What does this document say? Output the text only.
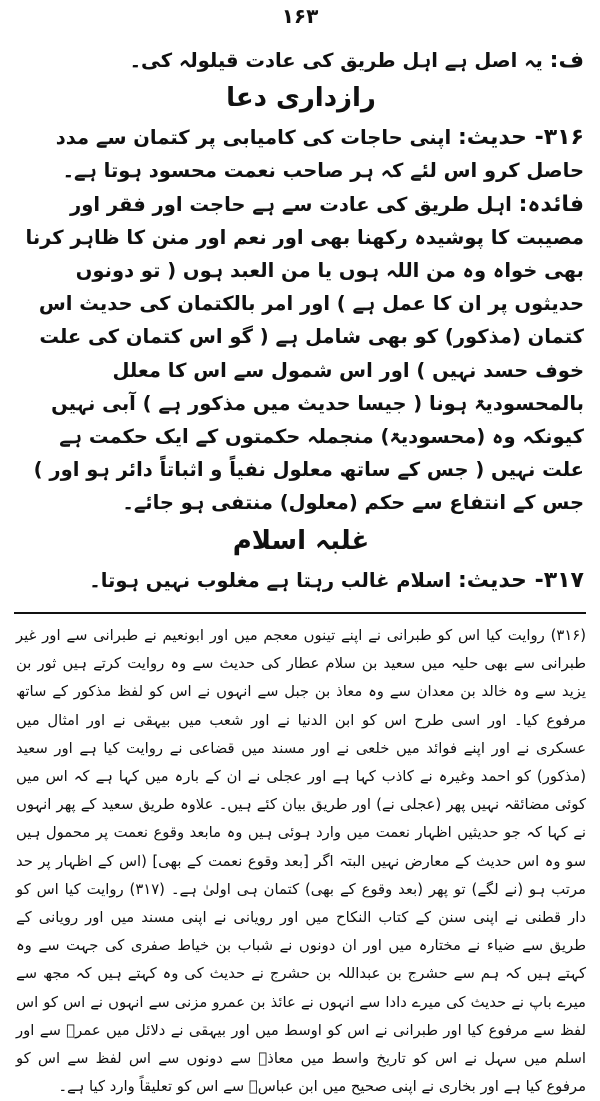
۱۶۳

ف: یہ اصل ہے اہل طریق کی عادت قیلولہ کی۔

رازداری دعا

۳۱۶- حدیث: اپنی حاجات کی کامیابی پر کتمان سے مدد حاصل کرو اس لئے کہ ہر صاحب نعمت محسود ہوتا ہے۔

فائدہ: اہل طریق کی عادت سے ہے حاجت اور فقر اور مصیبت کا پوشیدہ رکھنا بھی اور نعم اور منن کا ظاہر کرنا بھی خواہ وہ من اللہ ہوں یا من العبد ہوں ( تو دونوں حدیثوں پر ان کا عمل ہے ) اور امر بالکتمان کی حدیث اس کتمان (مذکور) کو بھی شامل ہے ( گو اس کتمان کی علت خوف حسد نہیں ) اور اس شمول سے اس کا معلل بالمحسودیۃ ہونا ( جیسا حدیث میں مذکور ہے ) آبی نہیں کیونکہ وہ (محسودیۃ) منجملہ حکمتوں کے ایک حکمت ہے علت نہیں ( جس کے ساتھ معلول نفیاً و اثباتاً دائر ہو اور ) جس کے انتفاع سے حکم (معلول) منتفی ہو جائے۔

غلبہ اسلام

۳۱۷- حدیث: اسلام غالب رہتا ہے مغلوب نہیں ہوتا۔

(۳۱۶) روایت کیا اس کو طبرانی نے اپنے تینوں معجم میں اور ابونعیم نے طبرانی سے اور غیر طبرانی سے بھی حلیہ میں سعید بن سلام عطار کی حدیث سے وہ روایت کرتے ہیں ثور بن یزید سے وہ خالد بن معدان سے وہ معاذ بن جبل سے انہوں نے اس کو لفظ مذکور کے ساتھ مرفوع کیا۔ اور اسی طرح اس کو ابن الدنیا نے اور شعب میں بیہقی نے اور امثال میں عسکری نے اور اپنے فوائد میں خلعی نے اور مسند میں قضاعی نے روایت کیا ہے اور سعید (مذکور) کو احمد وغیرہ نے کاذب کہا ہے اور عجلی نے ان کے بارہ میں کہا ہے کہ اس میں کوئی مضائقہ نہیں پھر (عجلی نے) اور طریق بیان کئے ہیں۔ علاوہ طریق سعید کے پھر انہوں نے کہا کہ جو حدیثیں اظہار نعمت میں وارد ہوئی ہیں وہ مابعد وقوع نعمت پر محمول ہیں سو وہ اس حدیث کے معارض نہیں البتہ اگر [بعد وقوع نعمت کے بھی] (اس کے اظہار پر حد مرتب ہو (نے لگے) تو پھر (بعد وقوع کے بھی) کتمان ہی اولیٰ ہے۔ (۳۱۷) روایت کیا اس کو دار قطنی نے اپنی سنن کے کتاب النکاح میں اور رویانی نے اپنی مسند میں اور رویانی کے طریق سے ضیاء نے مختارہ میں اور ان دونوں نے شباب بن خیاط صفری کی جہت سے وہ کہتے ہیں کہ ہم سے حشرج بن عبداللہ بن حشرج نے حدیث کی وہ کہتے ہیں کہ مجھ سے میرے باپ نے حدیث کی میرے دادا سے انہوں نے عائذ بن عمرو مزنی سے انہوں نے اس کو اس لفظ سے مرفوع کیا اور طبرانی نے اس کو اوسط میں اور بیہقی نے دلائل میں عمرؓ سے اور اسلم میں سہل نے اس کو تاریخ واسط میں معاذؓ سے دونوں سے اس لفظ سے اس کو مرفوع کیا ہے اور بخاری نے اپنی صحیح میں ابن عباسؓ سے اس کو تعلیقاً وارد کیا ہے۔
